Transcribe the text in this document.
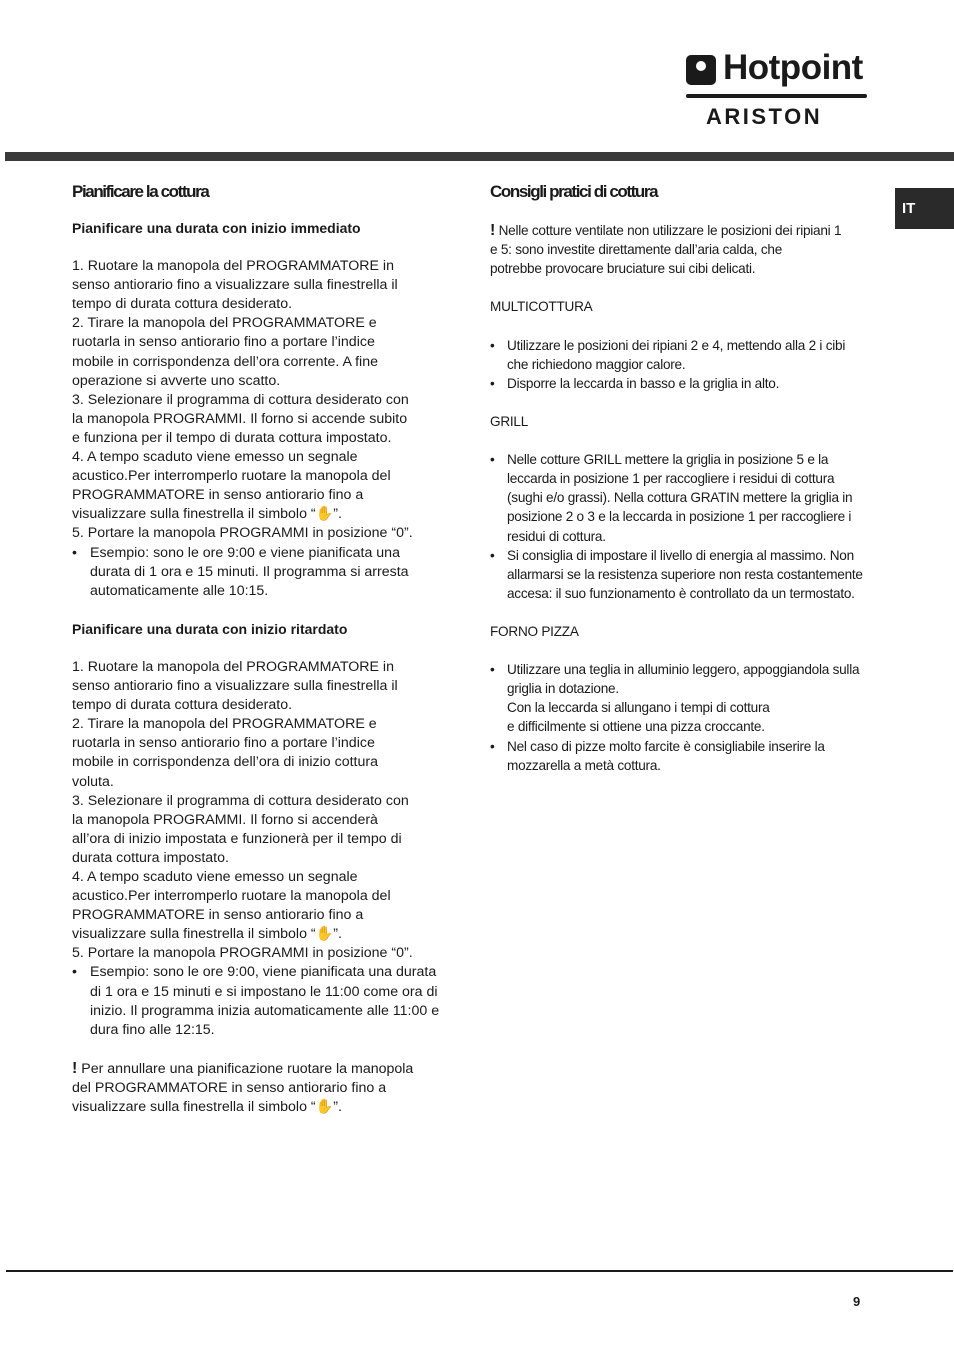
Hotpoint
ARISTON
IT
Pianificare la cottura
Pianificare una durata con inizio immediato

1. Ruotare la manopola del PROGRAMMATORE in

senso antiorario fino a visualizzare sulla finestrella il

tempo di durata cottura desiderato.

2. Tirare la manopola del PROGRAMMATORE e

ruotarla in senso antiorario fino a portare l’indice

mobile in corrispondenza dell’ora corrente. A fine

operazione si avverte uno scatto.

3. Selezionare il programma di cottura desiderato con

la manopola PROGRAMMI. Il forno si accende subito

e funziona per il tempo di durata cottura impostato.

4. A tempo scaduto viene emesso un segnale

acustico.Per interromperlo ruotare la manopola del

PROGRAMMATORE in senso antiorario fino a

visualizzare sulla finestrella il simbolo “✋”.

5. Portare la manopola PROGRAMMI in posizione “0”.

• Esempio: sono le ore 9:00 e viene pianificata una durata di 1 ora e 15 minuti. Il programma si arresta automaticamente alle 10:15.

Pianificare una durata con inizio ritardato

1. Ruotare la manopola del PROGRAMMATORE in

senso antiorario fino a visualizzare sulla finestrella il

tempo di durata cottura desiderato.

2. Tirare la manopola del PROGRAMMATORE e

ruotarla in senso antiorario fino a portare l’indice

mobile in corrispondenza dell’ora di inizio cottura

voluta.

3. Selezionare il programma di cottura desiderato con

la manopola PROGRAMMI. Il forno si accenderà

all’ora di inizio impostata e funzionerà per il tempo di

durata cottura impostato.

4. A tempo scaduto viene emesso un segnale

acustico.Per interromperlo ruotare la manopola del

PROGRAMMATORE in senso antiorario fino a

visualizzare sulla finestrella il simbolo “✋”.

5. Portare la manopola PROGRAMMI in posizione “0”.

• Esempio: sono le ore 9:00, viene pianificata una durata di 1 ora e 15 minuti e si impostano le 11:00 come ora di inizio. Il programma inizia automaticamente alle 11:00 e dura fino alle 12:15.

! Per annullare una pianificazione ruotare la manopola

del PROGRAMMATORE in senso antiorario fino a

visualizzare sulla finestrella il simbolo “✋”.

Consigli pratici di cottura

! Nelle cotture ventilate non utilizzare le posizioni dei ripiani 1

e 5: sono investite direttamente dall’aria calda, che

potrebbe provocare bruciature sui cibi delicati.

MULTICOTTURA

• Utilizzare le posizioni dei ripiani 2 e 4, mettendo alla 2 i cibi che richiedono maggior calore.

• Disporre la leccarda in basso e la griglia in alto.

GRILL

• Nelle cotture GRILL mettere la griglia in posizione 5 e la leccarda in posizione 1 per raccogliere i residui di cottura (sughi e/o grassi). Nella cottura GRATIN mettere la griglia in posizione 2 o 3 e la leccarda in posizione 1 per raccogliere i residui di cottura.

• Si consiglia di impostare il livello di energia al massimo. Non allarmarsi se la resistenza superiore non resta costantemente accesa: il suo funzionamento è controllato da un termostato.

FORNO PIZZA

• Utilizzare una teglia in alluminio leggero, appoggiandola sulla griglia in dotazione.

Con la leccarda si allungano i tempi di cottura

e difficilmente si ottiene una pizza croccante.

• Nel caso di pizze molto farcite è consigliabile inserire la mozzarella a metà cottura.

9
